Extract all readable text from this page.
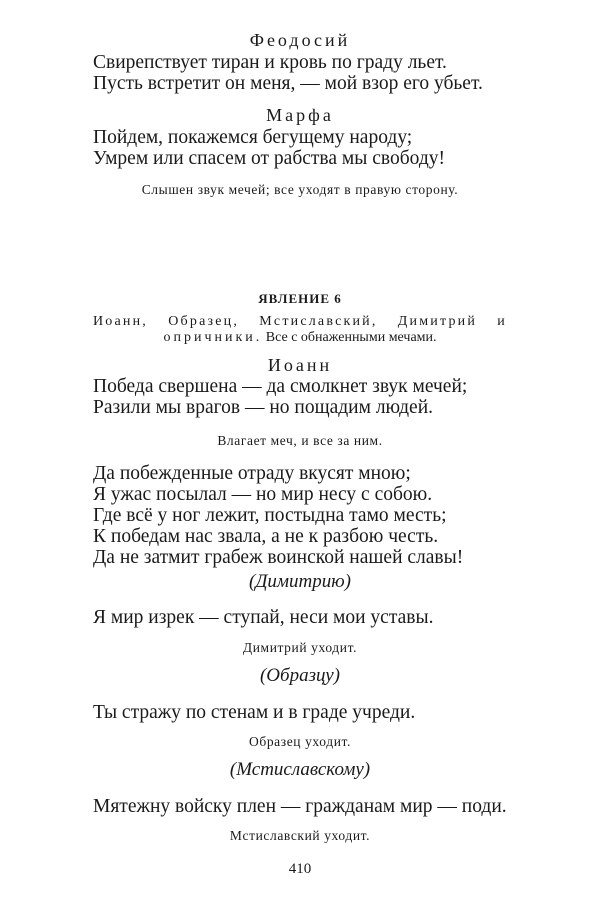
Феодосий
Свирепствует тиран и кровь по граду льет.
Пусть встретит он меня, — мой взор его убьет.
Марфа
Пойдем, покажемся бегущему народу;
Умрем или спасем от рабства мы свободу!
Слышен звук мечей; все уходят в правую сторону.
ЯВЛЕНИЕ 6
Иоанн, Образец, Мстиславский, Димитрий и
опричники. Все с обнаженными мечами.
Иоанн
Победа свершена — да смолкнет звук мечей;
Разили мы врагов — но пощадим людей.
Влагает меч, и все за ним.
Да побежденные отраду вкусят мною;
Я ужас посылал — но мир несу с собою.
Где всё у ног лежит, постыдна тамо месть;
К победам нас звала, а не к разбою честь.
Да не затмит грабеж воинской нашей славы!
(Димитрию)
Я мир изрек — ступай, неси мои уставы.
Димитрий уходит.
(Образцу)
Ты стражу по стенам и в граде учреди.
Образец уходит.
(Мстиславскому)
Мятежну войску плен — гражданам мир — поди.
Мстиславский уходит.
410
